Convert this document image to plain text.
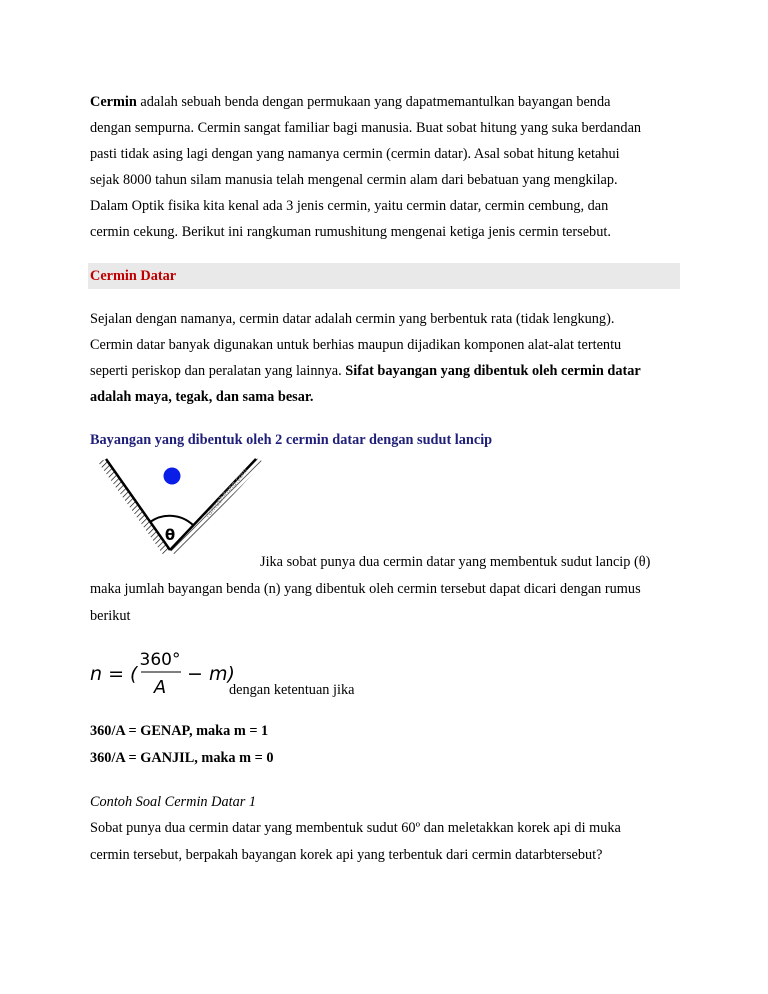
Cermin adalah sebuah benda dengan permukaan yang dapatmemantulkan bayangan benda
dengan sempurna. Cermin sangat familiar bagi manusia. Buat sobat hitung yang suka berdandan
pasti tidak asing lagi dengan yang namanya cermin (cermin datar). Asal sobat hitung ketahui
sejak 8000 tahun silam manusia telah mengenal cermin alam dari bebatuan yang mengkilap.
Dalam Optik fisika kita kenal ada 3 jenis cermin, yaitu cermin datar, cermin cembung, dan
cermin cekung. Berikut ini rangkuman rumushitung mengenai ketiga jenis cermin tersebut.
Cermin Datar
Sejalan dengan namanya, cermin datar adalah cermin yang berbentuk rata (tidak lengkung).
Cermin datar banyak digunakan untuk berhias maupun dijadikan komponen alat-alat tertentu
seperti periskop dan peralatan yang lainnya. Sifat bayangan yang dibentuk oleh cermin datar
adalah maya, tegak, dan sama besar.
Bayangan yang dibentuk oleh 2 cermin datar dengan sudut lancip
θ
rumushitung.com
Jika sobat punya dua cermin datar yang membentuk sudut lancip (θ)
maka jumlah bayangan benda (n) yang dibentuk oleh cermin tersebut dapat dicari dengan rumus
berikut
n = (
360°
A
− m)
dengan ketentuan jika
360/A = GENAP, maka m = 1
360/A = GANJIL, maka m = 0
Contoh Soal Cermin Datar 1
Sobat punya dua cermin datar yang membentuk sudut 60º dan meletakkan korek api di muka
cermin tersebut, berpakah bayangan korek api yang terbentuk dari cermin datarbtersebut?
